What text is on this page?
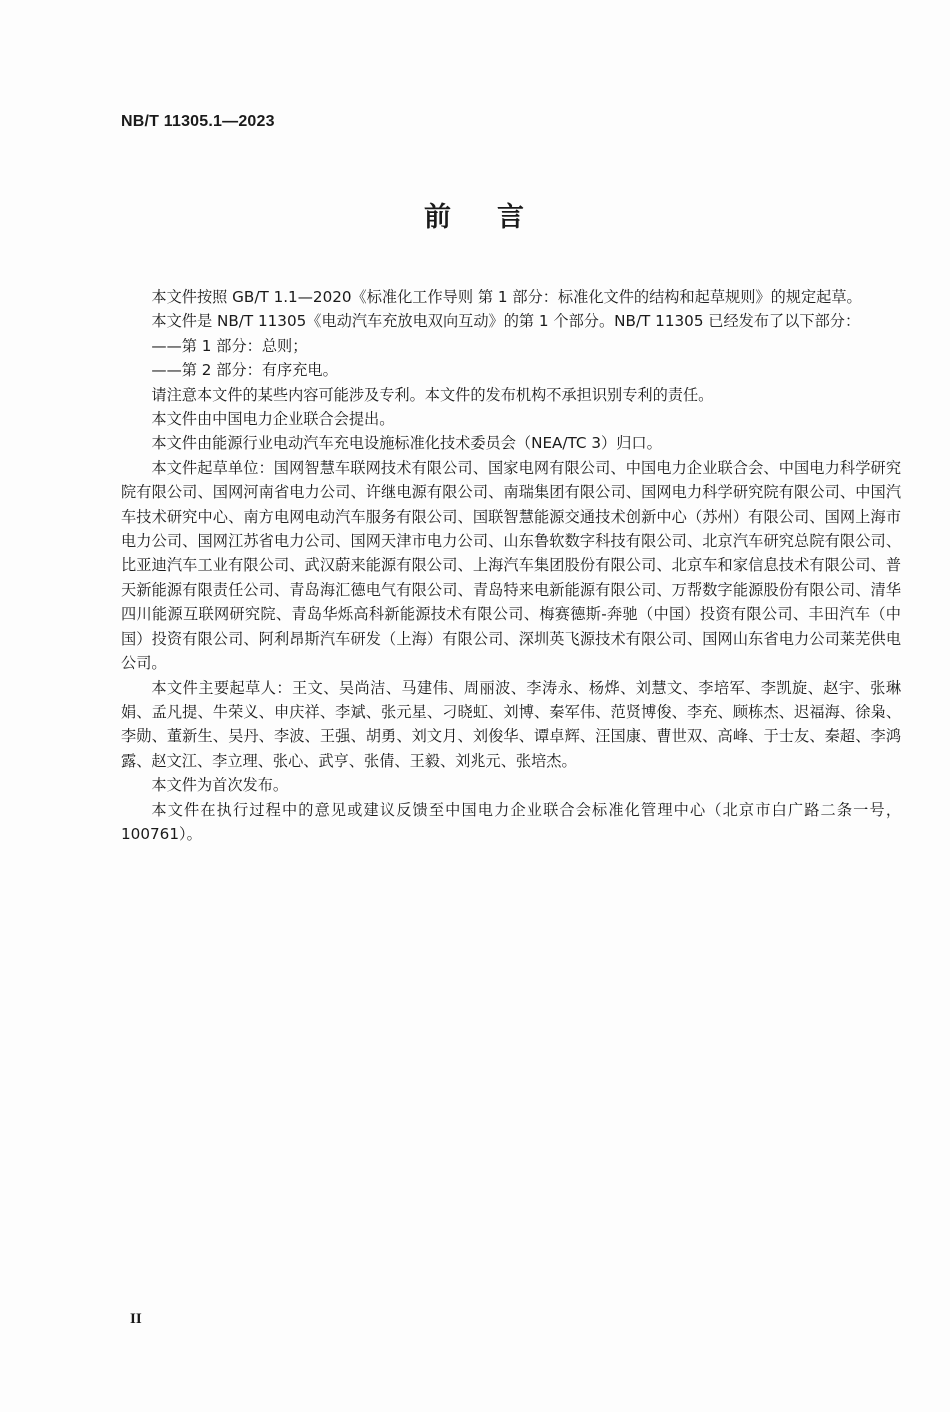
NB/T 11305.1—2023
前 言

本文件按照 GB/T 1.1—2020《标准化工作导则 第 1 部分：标准化文件的结构和起草规则》的规定起草。

本文件是 NB/T 11305《电动汽车充放电双向互动》的第 1 个部分。NB/T 11305 已经发布了以下部分：

——第 1 部分：总则；

——第 2 部分：有序充电。

请注意本文件的某些内容可能涉及专利。本文件的发布机构不承担识别专利的责任。

本文件由中国电力企业联合会提出。

本文件由能源行业电动汽车充电设施标准化技术委员会（NEA/TC 3）归口。

本文件起草单位：国网智慧车联网技术有限公司、国家电网有限公司、中国电力企业联合会、中国电力科学研究院有限公司、国网河南省电力公司、许继电源有限公司、南瑞集团有限公司、国网电力科学研究院有限公司、中国汽车技术研究中心、南方电网电动汽车服务有限公司、国联智慧能源交通技术创新中心（苏州）有限公司、国网上海市电力公司、国网江苏省电力公司、国网天津市电力公司、山东鲁软数字科技有限公司、北京汽车研究总院有限公司、比亚迪汽车工业有限公司、武汉蔚来能源有限公司、上海汽车集团股份有限公司、北京车和家信息技术有限公司、普天新能源有限责任公司、青岛海汇德电气有限公司、青岛特来电新能源有限公司、万帮数字能源股份有限公司、清华四川能源互联网研究院、青岛华烁高科新能源技术有限公司、梅赛德斯-奔驰（中国）投资有限公司、丰田汽车（中国）投资有限公司、阿利昂斯汽车研发（上海）有限公司、深圳英飞源技术有限公司、国网山东省电力公司莱芜供电公司。

本文件主要起草人：王文、吴尚洁、马建伟、周丽波、李涛永、杨烨、刘慧文、李培军、李凯旋、赵宇、张琳娟、孟凡提、牛荣义、申庆祥、李斌、张元星、刁晓虹、刘博、秦军伟、范贤博俊、李充、顾栋杰、迟福海、徐枭、李勋、董新生、吴丹、李波、王强、胡勇、刘文月、刘俊华、谭卓辉、汪国康、曹世双、高峰、于士友、秦超、李鸿露、赵文江、李立理、张心、武亨、张倩、王毅、刘兆元、张培杰。

本文件为首次发布。

本文件在执行过程中的意见或建议反馈至中国电力企业联合会标准化管理中心（北京市白广路二条一号，100761）。

II
